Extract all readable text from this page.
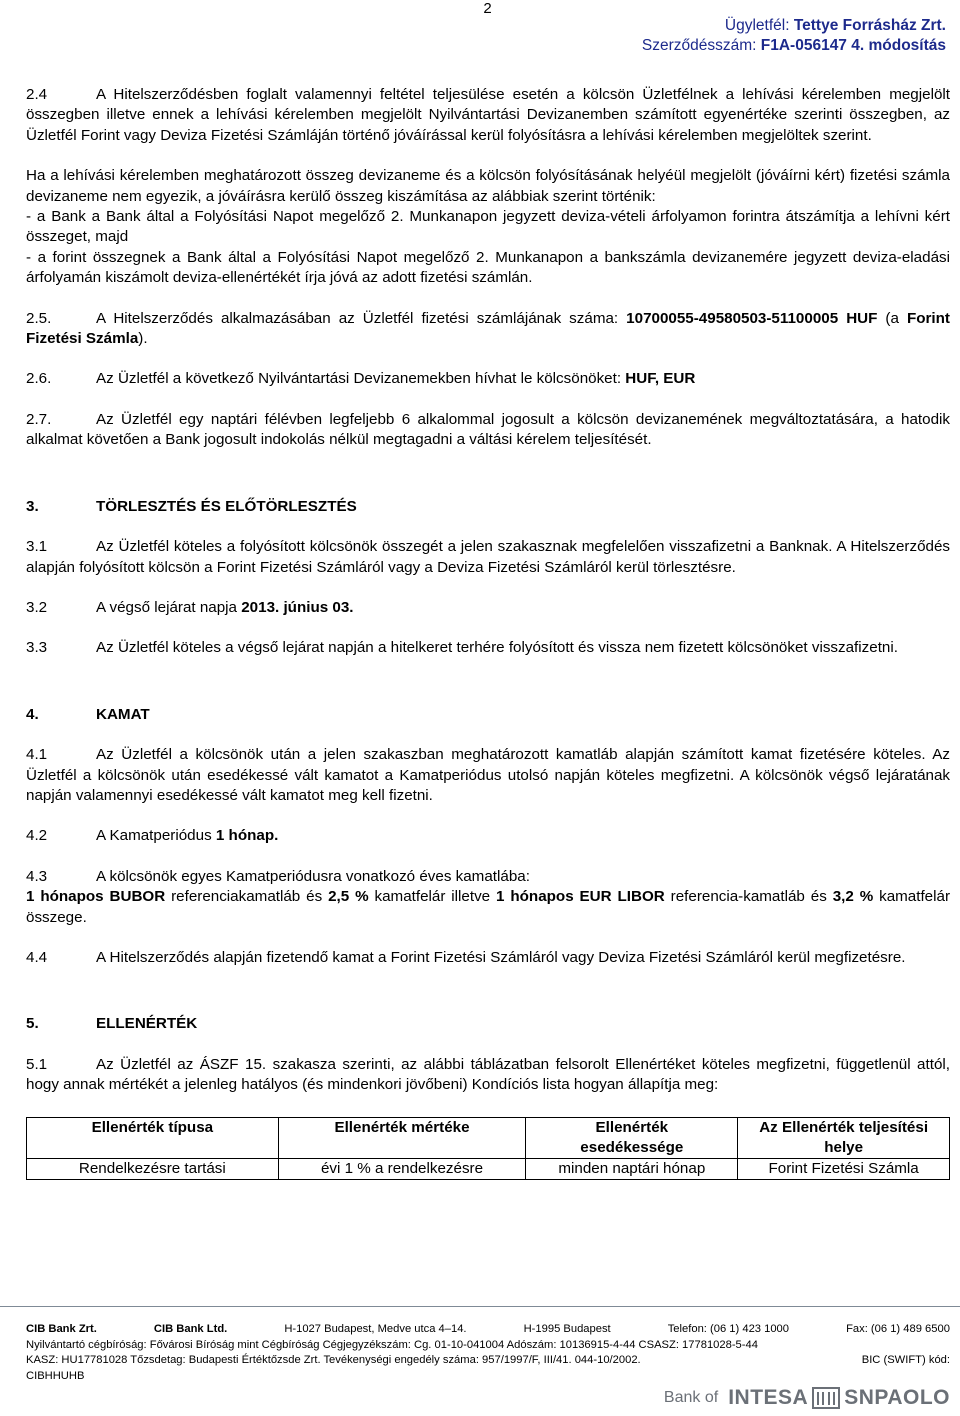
2
Ügyletfél: Tettye Forrásház Zrt.
Szerződésszám: F1A-056147 4. módosítás

2.4	A Hitelszerződésben foglalt valamennyi feltétel teljesülése esetén a kölcsön Üzletfélnek a lehívási kérelemben megjelölt összegben illetve ennek a lehívási kérelemben megjelölt Nyilvántartási Devizanemben számított egyenértéke szerinti összegben, az Üzletfél Forint vagy Deviza Fizetési Számláján történő jóváírással kerül folyósításra a lehívási kérelemben megjelöltek szerint.

Ha a lehívási kérelemben meghatározott összeg devizaneme és a kölcsön folyósításának helyéül megjelölt (jóváírni kért) fizetési számla devizaneme nem egyezik, a jóváírásra kerülő összeg kiszámítása az alábbiak szerint történik:

- a Bank a Bank által a Folyósítási Napot megelőző 2. Munkanapon jegyzett deviza-vételi árfolyamon forintra átszámítja a lehívni kért összeget, majd

- a forint összegnek a Bank által a Folyósítási Napot megelőző 2. Munkanapon a bankszámla devizanemére jegyzett deviza-eladási árfolyamán kiszámolt deviza-ellenértékét írja jóvá az adott fizetési számlán.

2.5.	A Hitelszerződés alkalmazásában az Üzletfél fizetési számlájának száma: 10700055-49580503-51100005 HUF (a Forint Fizetési Számla).

2.6.	Az Üzletfél a következő Nyilvántartási Devizanemekben hívhat le kölcsönöket: HUF, EUR

2.7.	Az Üzletfél egy naptári félévben legfeljebb 6 alkalommal jogosult a kölcsön devizanemének megváltoztatására, a hatodik alkalmat követően a Bank jogosult indokolás nélkül megtagadni a váltási kérelem teljesítését.

3.	TÖRLESZTÉS ÉS ELŐTÖRLESZTÉS

3.1	Az Üzletfél köteles a folyósított kölcsönök összegét a jelen szakasznak megfelelően visszafizetni a Banknak. A Hitelszerződés alapján folyósított kölcsön a Forint Fizetési Számláról vagy a Deviza Fizetési Számláról kerül törlesztésre.

3.2	A végső lejárat napja 2013. június 03.

3.3	Az Üzletfél köteles a végső lejárat napján a hitelkeret terhére folyósított és vissza nem fizetett kölcsönöket visszafizetni.

4.	KAMAT

4.1	Az Üzletfél a kölcsönök után a jelen szakaszban meghatározott kamatláb alapján számított kamat fizetésére köteles. Az Üzletfél a kölcsönök után esedékessé vált kamatot a Kamatperiódus utolsó napján köteles megfizetni. A kölcsönök végső lejáratának napján valamennyi esedékessé vált kamatot meg kell fizetni.

4.2	A Kamatperiódus 1 hónap.

4.3	A kölcsönök egyes Kamatperiódusra vonatkozó éves kamatlába:

1 hónapos BUBOR referenciakamatláb és 2,5 % kamatfelár illetve 1 hónapos EUR LIBOR referencia-kamatláb és 3,2 % kamatfelár összege.

4.4	A Hitelszerződés alapján fizetendő kamat a Forint Fizetési Számláról vagy Deviza Fizetési Számláról kerül megfizetésre.

5.	ELLENÉRTÉK

5.1	Az Üzletfél az ÁSZF 15. szakasza szerinti, az alábbi táblázatban felsorolt Ellenértéket köteles megfizetni, függetlenül attól, hogy annak mértékét a jelenleg hatályos (és mindenkori jövőbeni) Kondíciós lista hogyan állapítja meg:

Ellenérték típusa	Ellenérték mértéke	Ellenérték esedékessége	Az Ellenérték teljesítési helye
Rendelkezésre tartási	évi 1 % a rendelkezésre	minden naptári hónap	Forint Fizetési Számla
CIB Bank Zrt.	CIB Bank Ltd.	H-1027 Budapest, Medve utca 4–14.	H-1995 Budapest	Telefon: (06 1) 423 1000	Fax: (06 1) 489 6500
Nyilvántartó cégbíróság: Fővárosi Bíróság mint Cégbíróság Cégjegyzékszám: Cg. 01-10-041004 Adószám: 10136915-4-44 CSASZ: 17781028-5-44
KASZ: HU17781028 Tőzsdetag: Budapesti Értéktőzsde Zrt. Tevékenységi engedély száma: 957/1997/F, III/41. 044-10/2002.	BIC (SWIFT) kód:
CIBHHUHB
Bank of INTESA SNPAOLO
